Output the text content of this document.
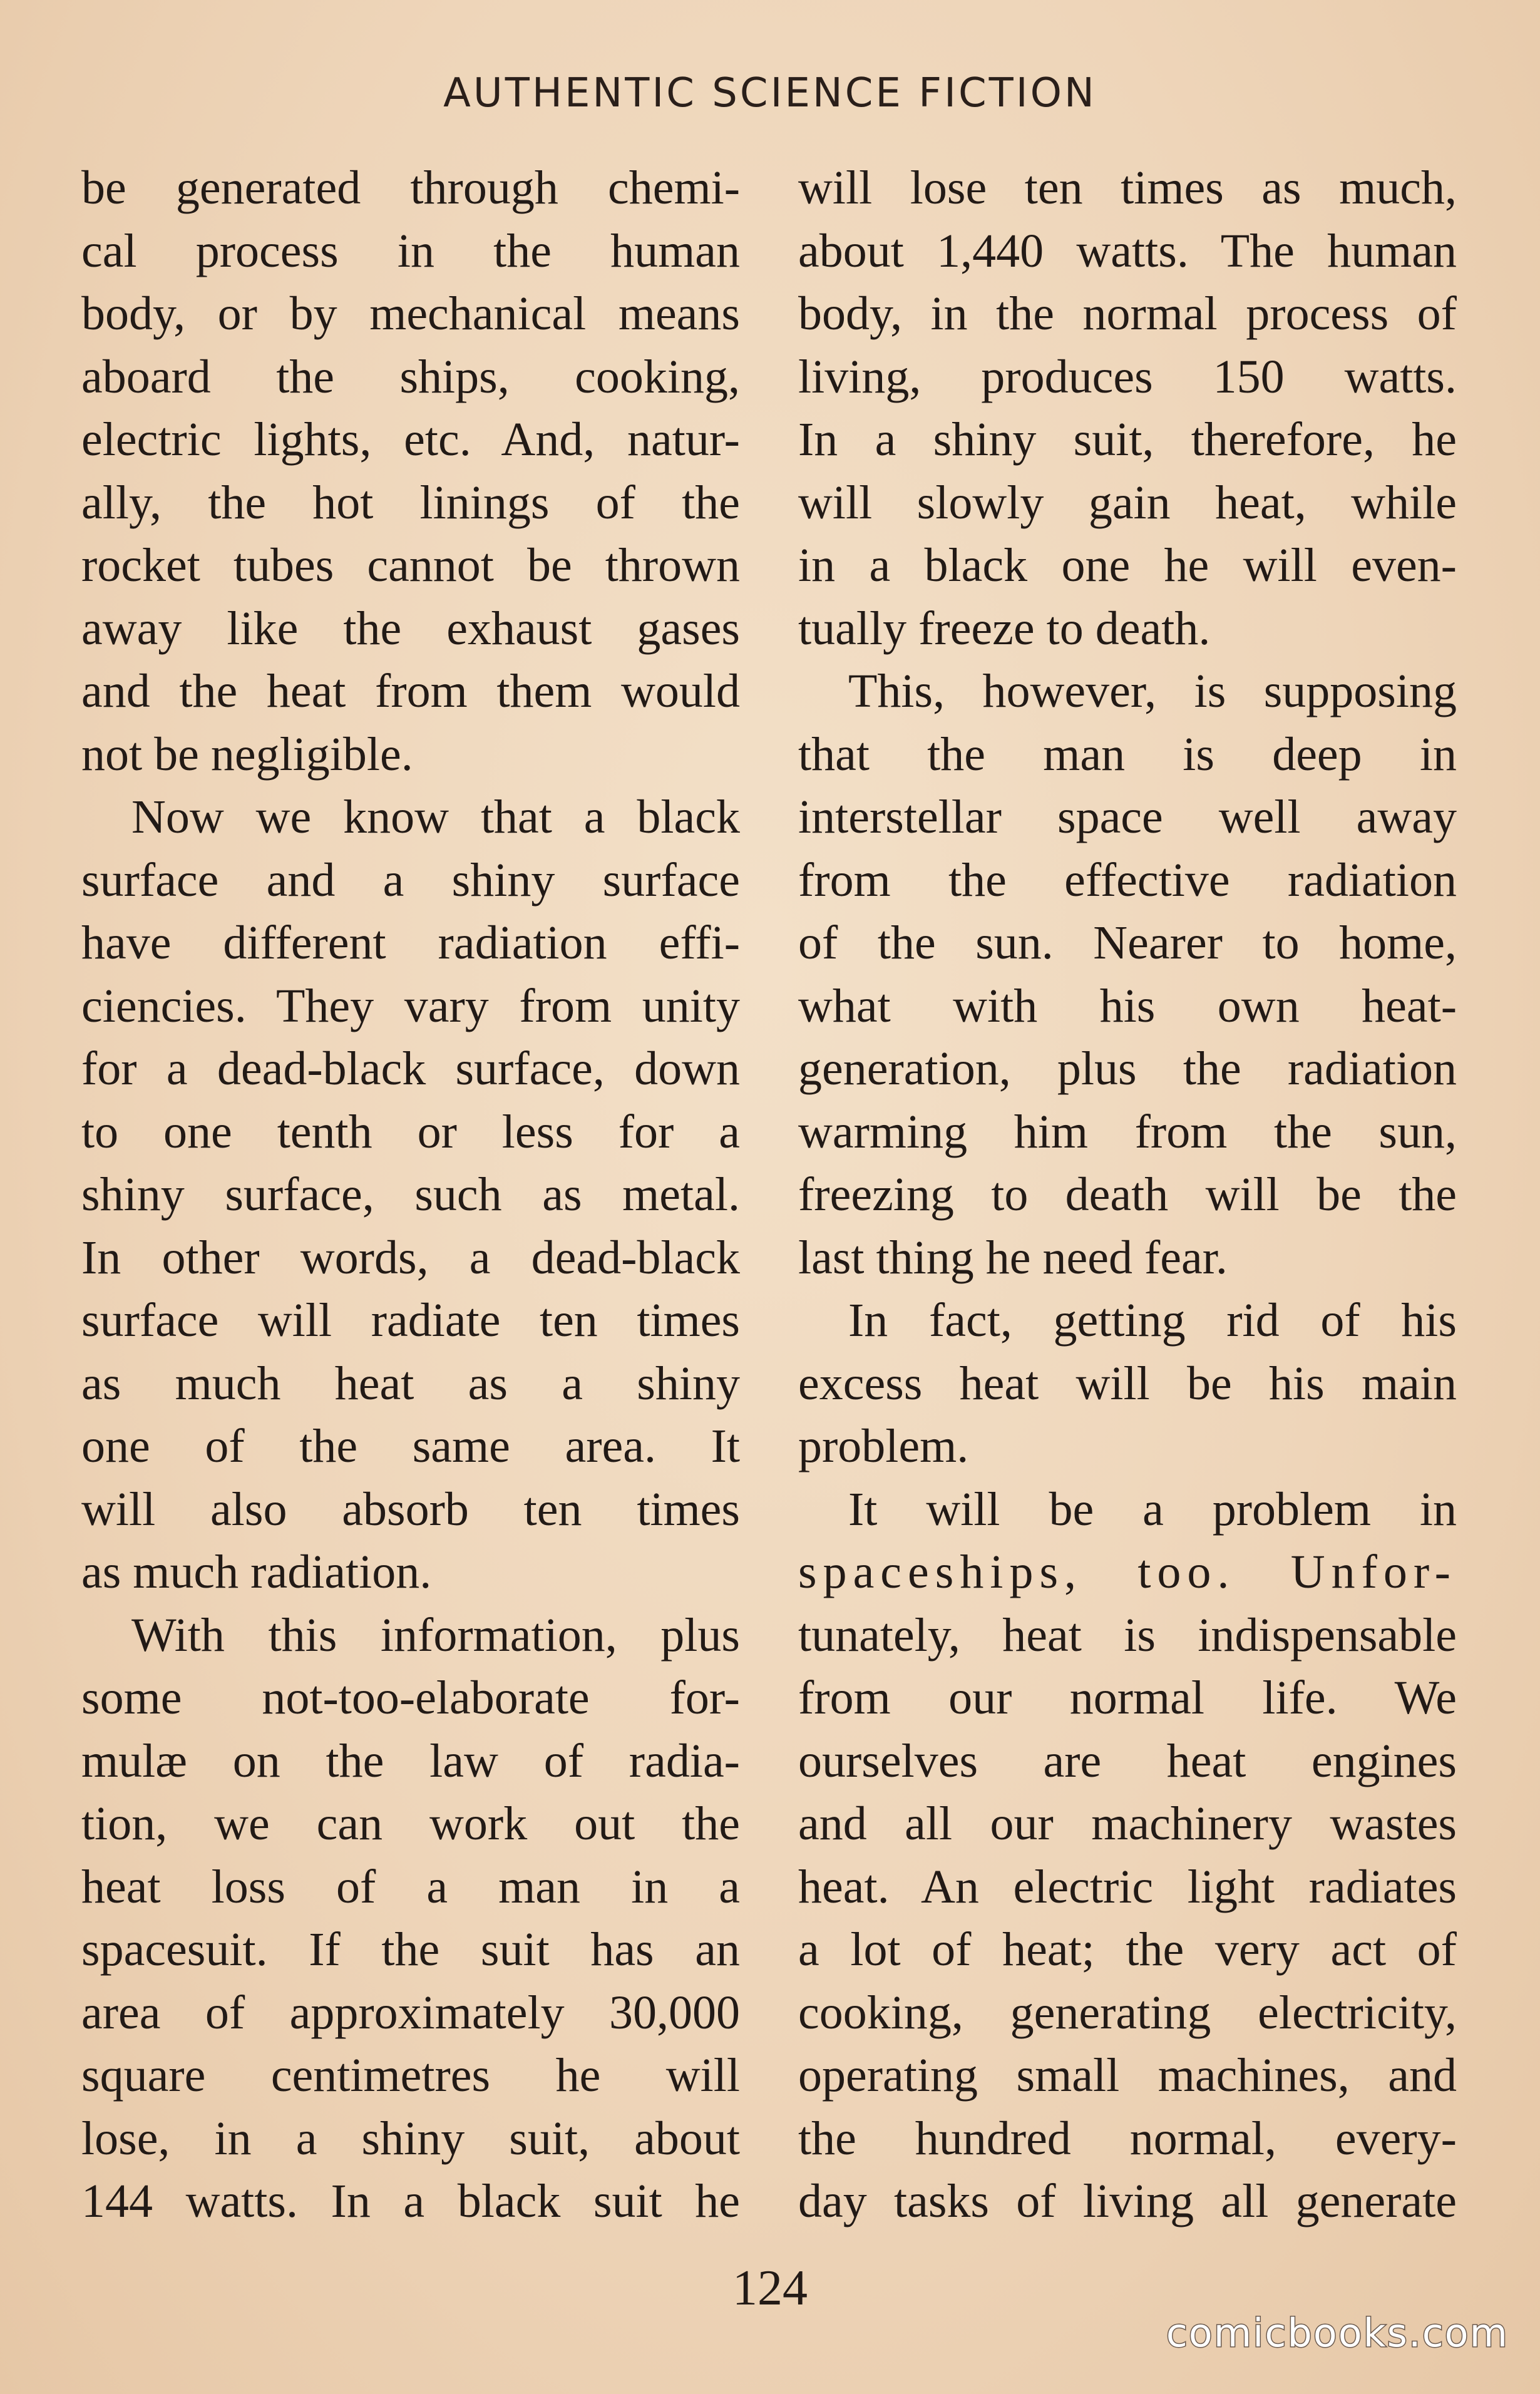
AUTHENTIC SCIENCE FICTION
be generated through chemi-
cal process in the human
body, or by mechanical means
aboard the ships, cooking,
electric lights, etc. And, natur-
ally, the hot linings of the
rocket tubes cannot be thrown
away like the exhaust gases
and the heat from them would
not be negligible.
Now we know that a black
surface and a shiny surface
have different radiation effi-
ciencies. They vary from unity
for a dead-black surface, down
to one tenth or less for a
shiny surface, such as metal.
In other words, a dead-black
surface will radiate ten times
as much heat as a shiny
one of the same area. It
will also absorb ten times
as much radiation.
With this information, plus
some not-too-elaborate for-
mulæ on the law of radia-
tion, we can work out the
heat loss of a man in a
spacesuit. If the suit has an
area of approximately 30,000
square centimetres he will
lose, in a shiny suit, about
144 watts. In a black suit he
will lose ten times as much,
about 1,440 watts. The human
body, in the normal process of
living, produces 150 watts.
In a shiny suit, therefore, he
will slowly gain heat, while
in a black one he will even-
tually freeze to death.
This, however, is supposing
that the man is deep in
interstellar space well away
from the effective radiation
of the sun. Nearer to home,
what with his own heat-
generation, plus the radiation
warming him from the sun,
freezing to death will be the
last thing he need fear.
In fact, getting rid of his
excess heat will be his main
problem.
It will be a problem in
spaceships, too. Unfor-
tunately, heat is indispensable
from our normal life. We
ourselves are heat engines
and all our machinery wastes
heat. An electric light radiates
a lot of heat; the very act of
cooking, generating electricity,
operating small machines, and
the hundred normal, every-
day tasks of living all generate
124
comicbooks.com
